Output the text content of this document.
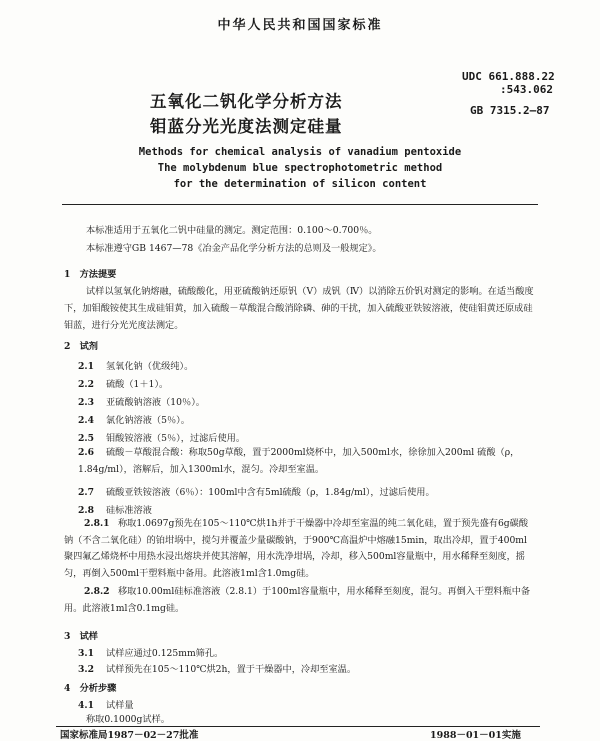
中华人民共和国国家标准
五氧化二钒化学分析方法
钼蓝分光光度法测定硅量
UDC 661.888.22
:543.062
GB 7315.2—87
Methods for chemical analysis of vanadium pentoxide
The molybdenum blue spectrophotometric method
for the determination of silicon content
本标准适用于五氧化二钒中硅量的测定。测定范围：0.100～0.700％。
本标准遵守GB 1467—78《冶金产品化学分析方法的总则及一般规定》。
1　方法提要
试样以氢氧化钠熔融，硫酸酸化，用亚硫酸钠还原钒（Ⅴ）成钒（Ⅳ）以消除五价钒对测定的影响。在适当酸度下，加钼酸铵使其生成硅钼黄，加入硫酸－草酸混合酸消除磷、砷的干扰，加入硫酸亚铁铵溶液，使硅钼黄还原成硅钼蓝，进行分光光度法测定。
2　试剂
2.1 氢氧化钠（优级纯）。
2.2 硫酸（1＋1）。
2.3 亚硫酸钠溶液（10％）。
2.4 氯化钠溶液（5％）。
2.5 钼酸铵溶液（5％），过滤后使用。
2.6 硫酸－草酸混合酸：称取50g草酸，置于2000ml烧杯中，加入500ml水，徐徐加入200ml 硫酸（ρ，1.84g/ml），溶解后，加入1300ml水，混匀。冷却至室温。
2.7 硫酸亚铁铵溶液（6％）：100ml中含有5ml硫酸（ρ，1.84g/ml），过滤后使用。
2.8 硅标准溶液
2.8.1 称取1.0697g预先在105～110℃烘1h并于干燥器中冷却至室温的纯二氧化硅，置于预先盛有6g碳酸钠（不含二氧化硅）的铂坩埚中，搅匀并覆盖少量碳酸钠，于900℃高温炉中熔融15min，取出冷却，置于400ml聚四氟乙烯烧杯中用热水浸出熔块并使其溶解，用水洗净坩埚，冷却，移入500ml容量瓶中，用水稀释至刻度，摇匀，再倒入500ml干塑料瓶中备用。此溶液1ml含1.0mg硅。
2.8.2 移取10.00ml硅标准溶液（2.8.1）于100ml容量瓶中，用水稀释至刻度，混匀。再倒入干塑料瓶中备用。此溶液1ml含0.1mg硅。
3　试样
3.1 试样应通过0.125mm筛孔。
3.2 试样预先在105～110℃烘2h，置于干燥器中，冷却至室温。
4　分析步骤
4.1 试样量
称取0.1000g试样。
国家标准局1987－02－27批准	1988－01－01实施
